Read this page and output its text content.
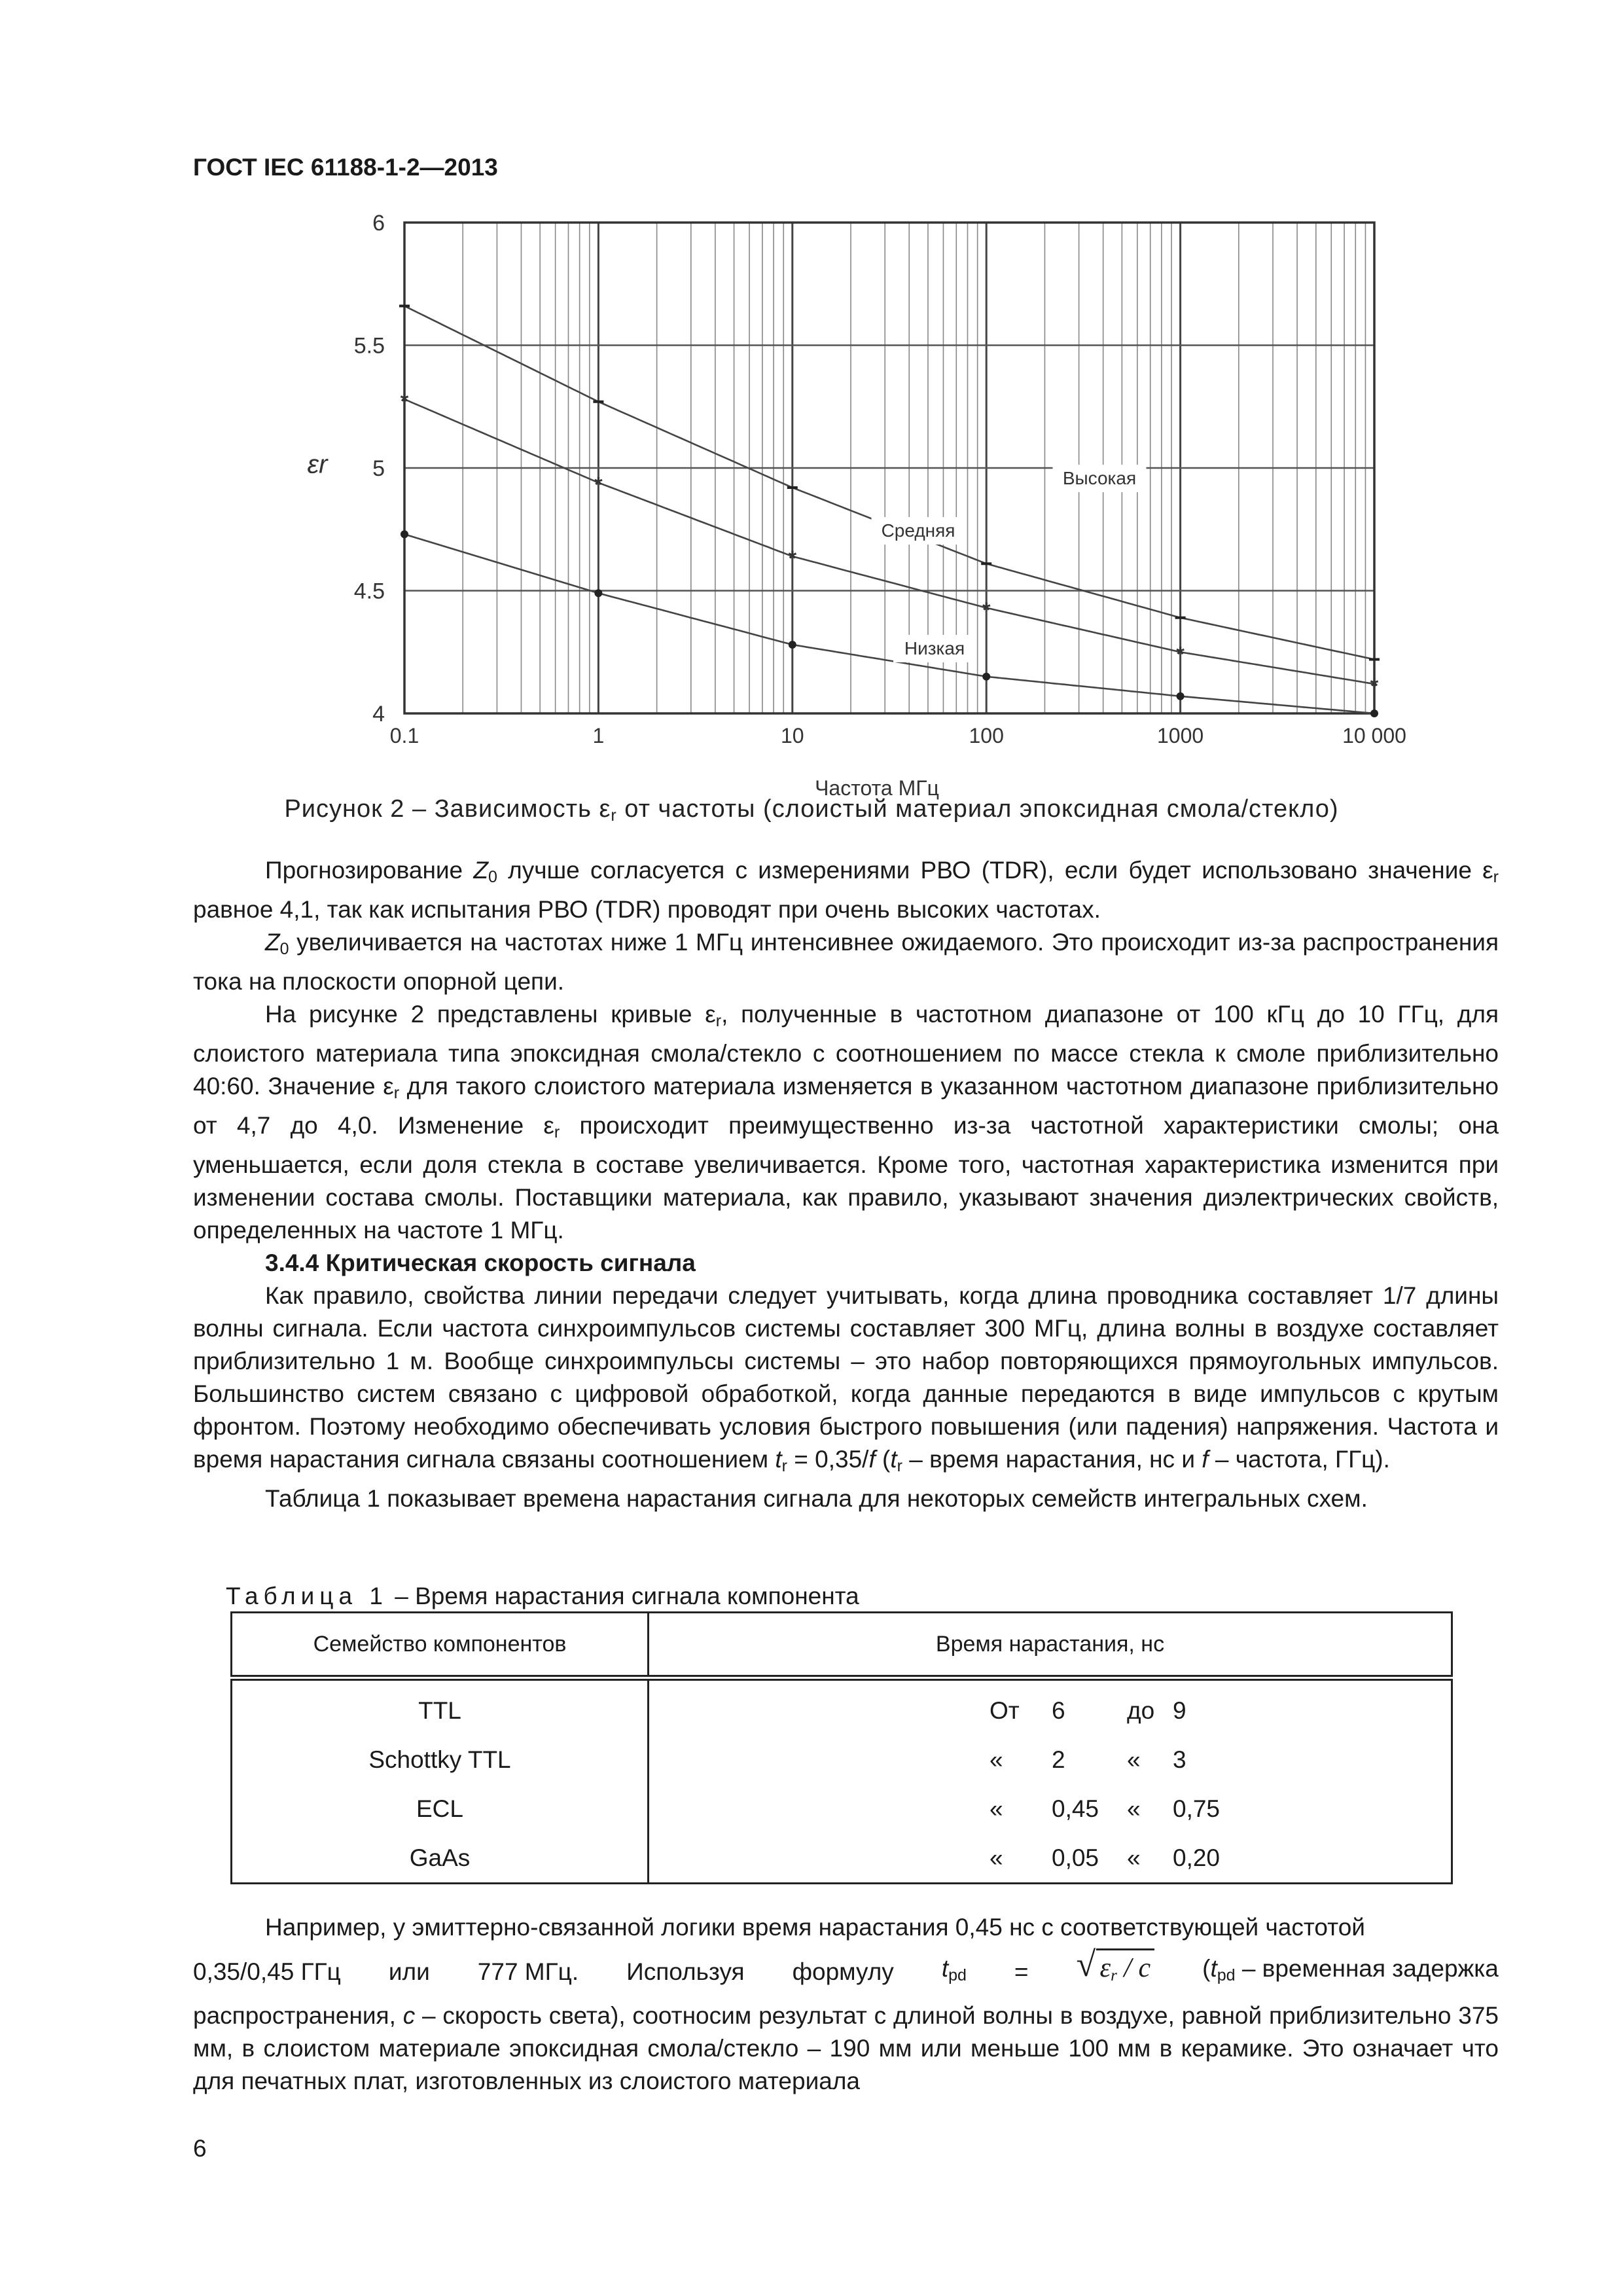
ГОСТ IEC 61188-1-2—2013
4
4.5
5
5.5
6
0.1	1	10	100	1000	10 000
εr
Частота МГц
*
*
*
*
*
*
Высокая
Средняя
Низкая
Рисунок 2 – Зависимость εr от частоты (слоистый материал эпоксидная смола/стекло)

Прогнозирование Z0 лучше согласуется с измерениями РВО (TDR), если будет использовано значение εr равное 4,1, так как испытания РВО (TDR) проводят при очень высоких частотах.

Z0 увеличивается на частотах ниже 1 МГц интенсивнее ожидаемого. Это происходит из-за распространения тока на плоскости опорной цепи.

На рисунке 2 представлены кривые εr, полученные в частотном диапазоне от 100 кГц до 10 ГГц, для слоистого материала типа эпоксидная смола/стекло с соотношением по массе стекла к смоле приблизительно 40:60. Значение εr для такого слоистого материала изменяется в указанном частотном диапазоне приблизительно от 4,7 до 4,0. Изменение εr происходит преимущественно из-за частотной характеристики смолы; она уменьшается, если доля стекла в составе увеличивается. Кроме того, частотная характеристика изменится при изменении состава смолы. Поставщики материала, как правило, указывают значения диэлектрических свойств, определенных на частоте 1 МГц.

3.4.4 Критическая скорость сигнала

Как правило, свойства линии передачи следует учитывать, когда длина проводника составляет 1/7 длины волны сигнала. Если частота синхроимпульсов системы составляет 300 МГц, длина волны в воздухе составляет приблизительно 1 м. Вообще синхроимпульсы системы – это набор повторяющихся прямоугольных импульсов. Большинство систем связано с цифровой обработкой, когда данные передаются в виде импульсов с крутым фронтом. Поэтому необходимо обеспечивать условия быстрого повышения (или падения) напряжения. Частота и время нарастания сигнала связаны соотношением tr = 0,35/f (tr – время нарастания, нс и f – частота, ГГц).

Таблица 1 показывает времена нарастания сигнала для некоторых семейств интегральных схем.

Таблица 1 – Время нарастания сигнала компонента
Семейство компонентов	Время нарастания, нс
TTL	От 6 до 9
Schottky TTL	« 2 « 3
ECL	« 0,45 « 0,75
GaAs	« 0,05 « 0,20

Например, у эмиттерно-связанной логики время нарастания 0,45 нс с соответствующей частотой

0,35/0,45 ГГц или 777 МГц. Используя формулу tpd = √ εr / c (tpd – временная задержка

распространения, c – скорость света), соотносим результат с длиной волны в воздухе, равной приблизительно 375 мм, в слоистом материале эпоксидная смола/стекло – 190 мм или меньше 100 мм в керамике. Это означает что для печатных плат, изготовленных из слоистого материала

6
